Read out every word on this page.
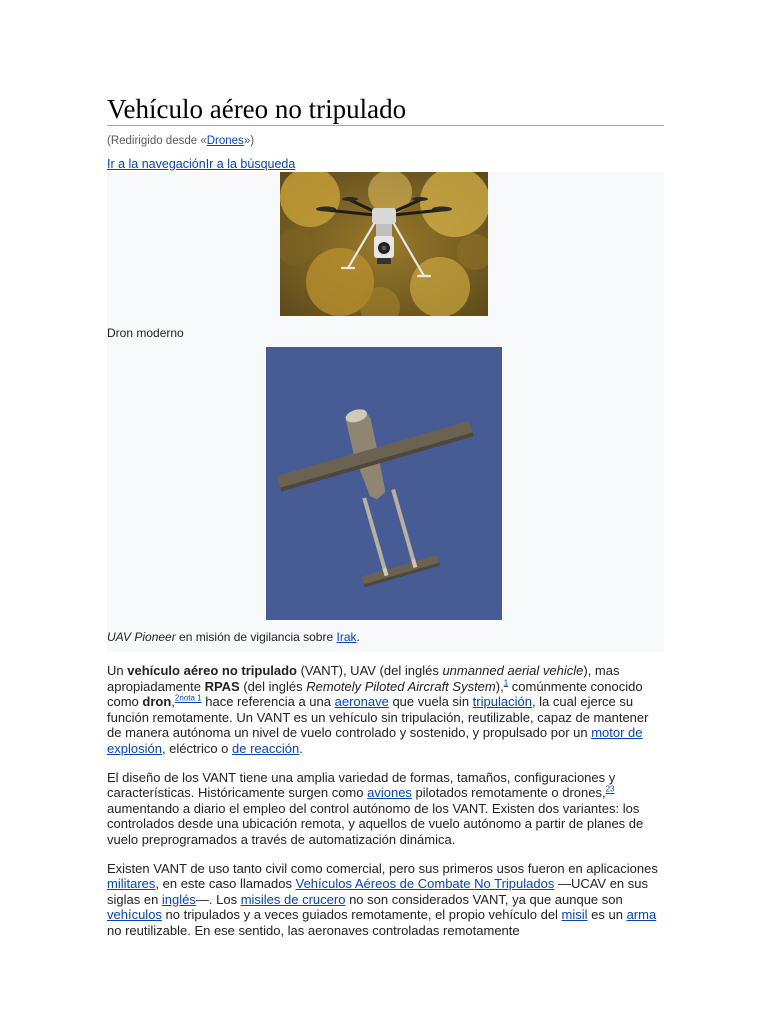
Vehículo aéreo no tripulado
(Redirigido desde «Drones»)
Ir a la navegaciónIr a la búsqueda
Dron moderno
UAV Pioneer en misión de vigilancia sobre Irak.

Un vehículo aéreo no tripulado (VANT), UAV (del inglés unmanned aerial vehicle), mas apropiadamente RPAS (del inglés Remotely Piloted Aircraft System),$^1$ comúnmente conocido como dron,$^{2nota 1}$ hace referencia a una aeronave que vuela sin tripulación, la cual ejerce su función remotamente. Un VANT es un vehículo sin tripulación, reutilizable, capaz de mantener de manera autónoma un nivel de vuelo controlado y sostenido, y propulsado por un motor de explosión, eléctrico o de reacción.

El diseño de los VANT tiene una amplia variedad de formas, tamaños, configuraciones y características. Históricamente surgen como aviones pilotados remotamente o drones,$^{23}$ aumentando a diario el empleo del control autónomo de los VANT. Existen dos variantes: los controlados desde una ubicación remota, y aquellos de vuelo autónomo a partir de planes de vuelo preprogramados a través de automatización dinámica.

Existen VANT de uso tanto civil como comercial, pero sus primeros usos fueron en aplicaciones militares, en este caso llamados Vehículos Aéreos de Combate No Tripulados —UCAV en sus siglas en inglés—. Los misiles de crucero no son considerados VANT, ya que aunque son vehículos no tripulados y a veces guiados remotamente, el propio vehículo del misil es un arma no reutilizable. En ese sentido, las aeronaves controladas remotamente
